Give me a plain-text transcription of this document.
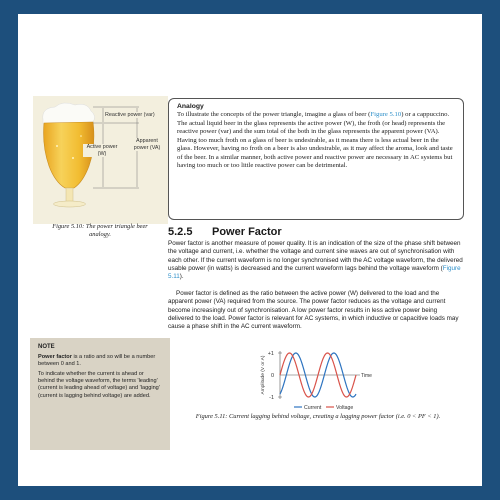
Reactive power (var)
Active power (W)
Apparent power (VA)
Figure 5.10: The power triangle beer analogy.
Analogy
To illustrate the concepts of the power triangle, imagine a glass of beer (Figure 5.10) or a cappuccino. The actual liquid beer in the glass represents the active power (W), the froth (or head) represents the reactive power (var) and the sum total of the both in the glass represents the apparent power (VA). Having too much froth on a glass of beer is undesirable, as it means there is less actual beer in the glass. However, having no froth on a beer is also undesirable, as it may affect the aroma, look and taste of the beer. In a similar manner, both active power and reactive power are necessary in AC systems but having too much or too little reactive power can be detrimental.
5.2.5 Power Factor
Power factor is another measure of power quality. It is an indication of the size of the phase shift between the voltage and current, i.e. whether the voltage and current sine waves are out of synchronisation with each other. If the current waveform is no longer synchronised with the AC voltage waveform, the delivered usable power (in watts) is decreased and the current waveform lags behind the voltage waveform (Figure 5.11).
Power factor is defined as the ratio between the active power (W) delivered to the load and the apparent power (VA) required from the source. The power factor reduces as the voltage and current become increasingly out of synchronisation. A low power factor results in less active power being delivered to the load. Power factor is relevant for AC systems, in which inductive or capacitive loads may cause a phase shift in the AC current waveform.
NOTE

Power factor is a ratio and so will be a number between 0 and 1.

To indicate whether the current is ahead or behind the voltage waveform, the terms 'leading' (current is leading ahead of voltage) and 'lagging' (current is lagging behind voltage) are added.

+1
0
-1
Amplitude (V or A)	Time
Current	Voltage
Figure 5.11: Current lagging behind voltage, creating a lagging power factor (i.e. 0 < PF < 1).
